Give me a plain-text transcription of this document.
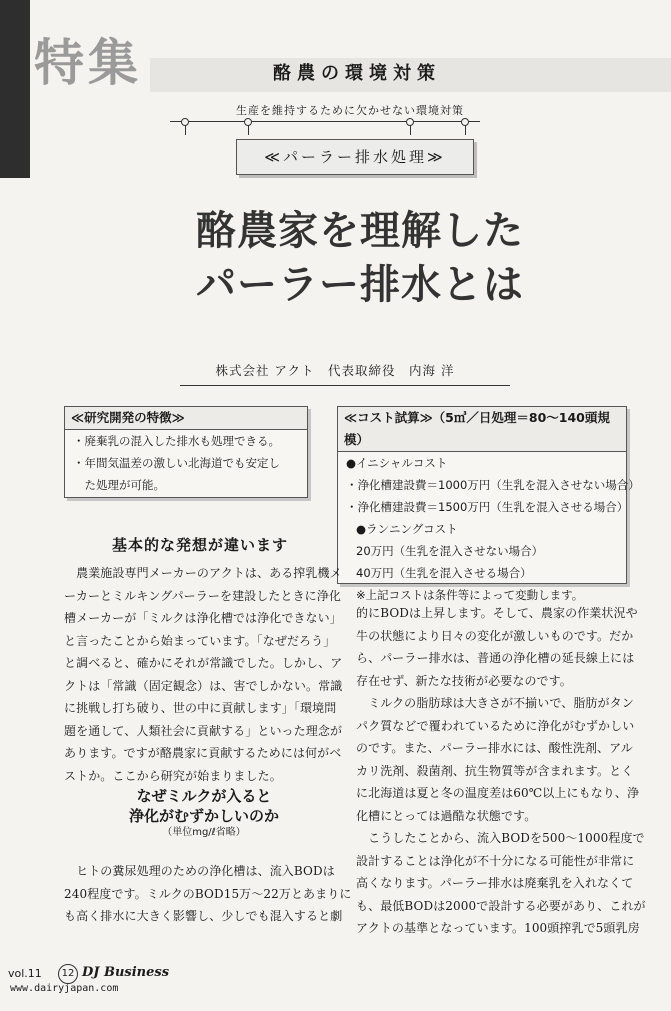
特集	酪農の環境対策
生産を維持するために欠かせない環境対策
≪パーラー排水処理≫
酪農家を理解した
パーラー排水とは
株式会社 アクト　代表取締役　内海 洋
≪研究開発の特徴≫
・廃棄乳の混入した排水も処理できる。
・年間気温差の激しい北海道でも安定し
　た処理が可能。
≪コスト試算≫（5㎥／日処理＝80～140頭規模）
●イニシャルコスト
・浄化槽建設費＝1000万円（生乳を混入させない場合）
・浄化槽建設費＝1500万円（生乳を混入させる場合）
●ランニングコスト
20万円（生乳を混入させない場合）
40万円（生乳を混入させる場合）
※上記コストは条件等によって変動します。
基本的な発想が違います
　農業施設専門メーカーのアクトは、ある搾乳機メ
ーカーとミルキングパーラーを建設したときに浄化
槽メーカーが「ミルクは浄化槽では浄化できない」
と言ったことから始まっています。「なぜだろう」
と調べると、確かにそれが常識でした。しかし、ア
クトは「常識（固定観念）は、害でしかない。常識
に挑戦し打ち破り、世の中に貢献します」「環境問
題を通して、人類社会に貢献する」といった理念が
あります。ですが酪農家に貢献するためには何がベ
ストか。ここから研究が始まりました。
なぜミルクが入ると
浄化がむずかしいのか
（単位mg/ℓ省略）
　ヒトの糞尿処理のための浄化槽は、流入BODは
240程度です。ミルクのBOD15万～22万とあまりに
も高く排水に大きく影響し、少しでも混入すると劇
的にBODは上昇します。そして、農家の作業状況や
牛の状態により日々の変化が激しいものです。だか
ら、パーラー排水は、普通の浄化槽の延長線上には
存在せず、新たな技術が必要なのです。
　ミルクの脂肪球は大きさが不揃いで、脂肪がタン
パク質などで覆われているために浄化がむずかしい
のです。また、パーラー排水には、酸性洗剤、アル
カリ洗剤、殺菌剤、抗生物質等が含まれます。とく
に北海道は夏と冬の温度差は60℃以上にもなり、浄
化槽にとっては過酷な状態です。
　こうしたことから、流入BODを500～1000程度で
設計することは浄化が不十分になる可能性が非常に
高くなります。パーラー排水は廃棄乳を入れなくて
も、最低BODは2000で設計する必要があり、これが
アクトの基準となっています。100頭搾乳で5頭乳房
vol.11	12 DJ Business
www.dairyjapan.com
